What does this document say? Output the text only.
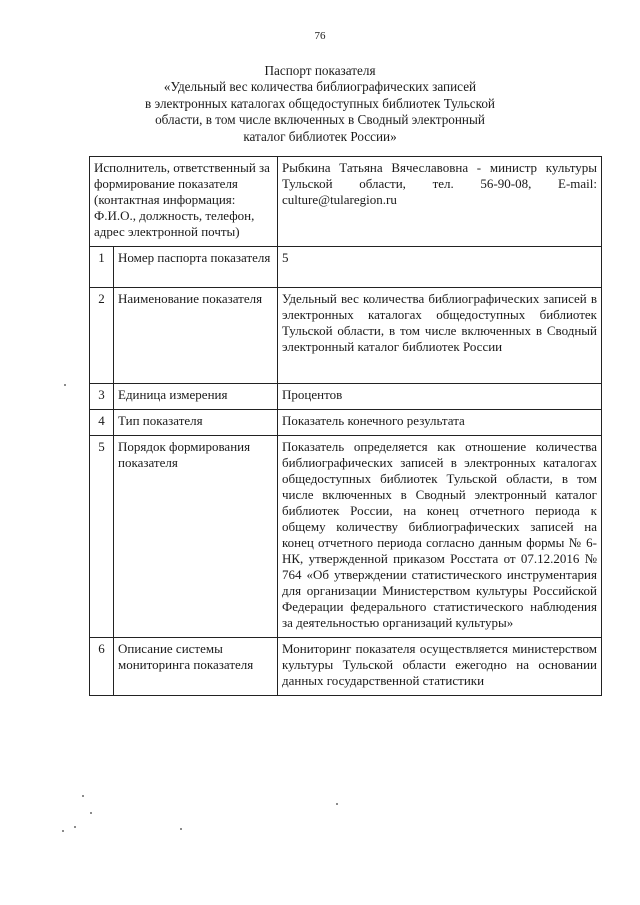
76
Паспорт показателя
«Удельный вес количества библиографических записей
в электронных каталогах общедоступных библиотек Тульской
области, в том числе включенных в Сводный электронный
каталог библиотек России»
Исполнитель, ответственный за формирование показателя (контактная информация: Ф.И.О., должность, телефон, адрес электронной почты)		Рыбкина Татьяна Вячеславовна - министр культуры Тульской области, тел. 56-90-08, E-mail: culture@tularegion.ru
1	Номер паспорта показателя	5
2	Наименование показателя	Удельный вес количества библиографических записей в электронных каталогах общедоступных библиотек Тульской области, в том числе включенных в Сводный электронный каталог библиотек России
3	Единица измерения	Процентов
4	Тип показателя	Показатель конечного результата
5	Порядок формирования показателя	Показатель определяется как отношение количества библиографических записей в электронных каталогах общедоступных библиотек Тульской области, в том числе включенных в Сводный электронный каталог библиотек России, на конец отчетного периода к общему количеству библиографических записей на конец отчетного периода согласно данным формы № 6-НК, утвержденной приказом Росстата от 07.12.2016 № 764 «Об утверждении статистического инструментария для организации Министерством культуры Российской Федерации федерального статистического наблюдения за деятельностью организаций культуры»
6	Описание системы мониторинга показателя	Мониторинг показателя осуществляется министерством культуры Тульской области ежегодно на основании данных государственной статистики
